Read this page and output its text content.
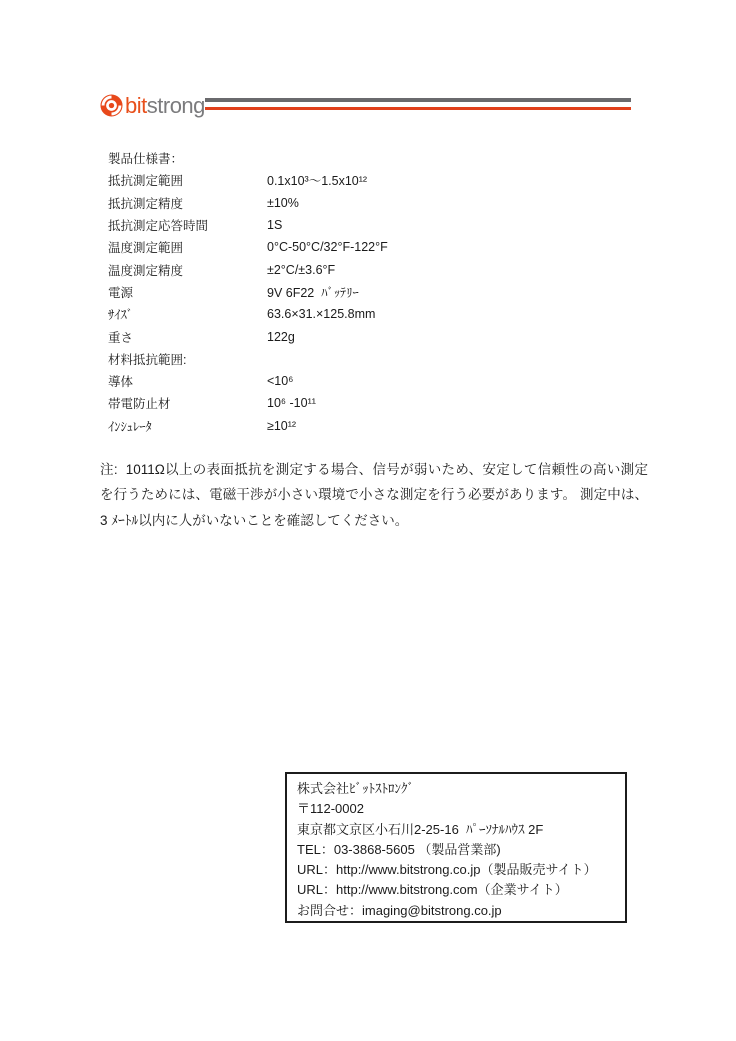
bitstrong
製品仕様書：
抵抗測定範囲	0.1x10³～1.5x10¹²
抵抗測定精度	±10%
抵抗測定応答時間	1S
温度測定範囲	0°C-50°C/32°F-122°F
温度測定精度	±2°C/±3.6°F
電源	9V 6F22  ﾊﾞｯﾃﾘｰ
ｻｲｽﾞ	63.6×31.×125.8mm
重さ	122g
材料抵抗範囲:
導体	<10⁶
帯電防止材	10⁶ -10¹¹
ｲﾝｼｭﾚｰﾀ	≥10¹²
注:  1011Ω以上の表面抵抗を測定する場合、信号が弱いため、安定して信頼性の高い測定を行うためには、電磁干渉が小さい環境で小さな測定を行う必要があります。 測定中は、3 ﾒｰﾄﾙ以内に人がいないことを確認してください。
株式会社ﾋﾞｯﾄｽﾄﾛﾝｸﾞ
〒112-0002
東京都文京区小石川2-25-16  ﾊﾟｰｿﾅﾙﾊｳｽ 2F
TEL：03-3868-5605 （製品営業部)
URL：http://www.bitstrong.co.jp（製品販売サイト）
URL：http://www.bitstrong.com（企業サイト）
お問合せ：imaging@bitstrong.co.jp
